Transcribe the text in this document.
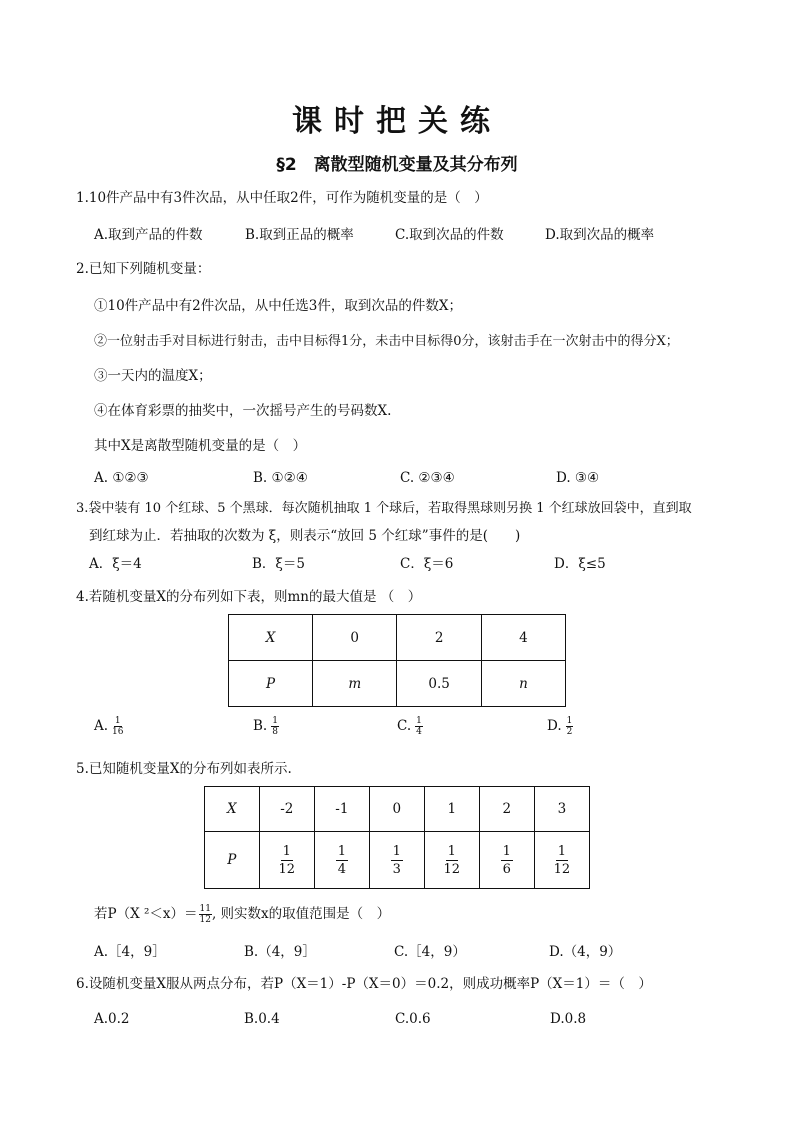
课时把关练
§2　离散型随机变量及其分布列
1.10件产品中有3件次品，从中任取2件，可作为随机变量的是（　）
A.取到产品的件数	B.取到正品的概率	C.取到次品的件数	D.取到次品的概率
2.已知下列随机变量：
①10件产品中有2件次品，从中任选3件，取到次品的件数X；
②一位射击手对目标进行射击，击中目标得1分，未击中目标得0分，该射击手在一次射击中的得分X；
③一天内的温度X；
④在体育彩票的抽奖中，一次摇号产生的号码数X.
其中X是离散型随机变量的是（　）
A. ①②③	B. ①②④	C. ②③④	D. ③④
3.袋中装有 10 个红球、5 个黑球．每次随机抽取 1 个球后，若取得黑球则另换 1 个红球放回袋中，直到取
到红球为止．若抽取的次数为 ξ，则表示“放回 5 个红球”事件的是(　　)
A．ξ＝4	B．ξ＝5	C．ξ＝6	D．ξ≤5
4.若随机变量X的分布列如下表，则mn的最大值是 （　）
X	0	2	4
P	m	0.5	n
A. $\frac{1}{16}$	B. $\frac{1}{8}$	C. $\frac{1}{4}$	D. $\frac{1}{2}$
5.已知随机变量X的分布列如表所示.
X	-2	-1	0	1	2	3
P	$\frac{1}{12}$	$\frac{1}{4}$	$\frac{1}{3}$	$\frac{1}{12}$	$\frac{1}{6}$	$\frac{1}{12}$
若P（X $^2<x)= \frac{11}{12}$ , 则实数x的取值范围是（　）
A.［4，9］	B.（4，9］	C.［4，9）	D.（4，9）
6.设随机变量X服从两点分布，若P（X＝1）-P（X＝0）＝0.2，则成功概率P（X＝1）＝（　）
A.0.2	B.0.4	C.0.6	D.0.8
